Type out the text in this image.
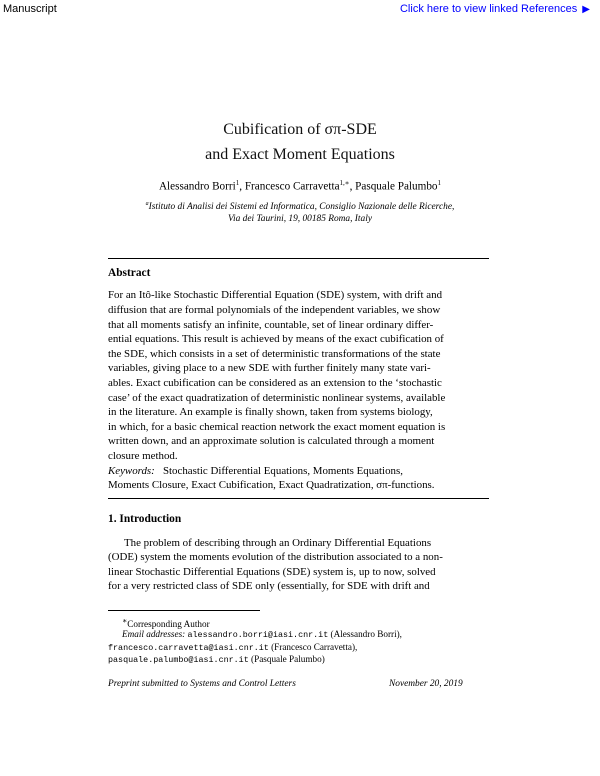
Manuscript	Click here to view linked References ▶
Cubification of σπ-SDE
and Exact Moment Equations
Alessandro Borri$^1$, Francesco Carravetta$^{1,∗}$, Pasquale Palumbo$^1$
$^a$Istituto di Analisi dei Sistemi ed Informatica, Consiglio Nazionale delle Ricerche,
Via dei Taurini, 19, 00185 Roma, Italy
Abstract
For an Itô-like Stochastic Differential Equation (SDE) system, with drift and
diffusion that are formal polynomials of the independent variables, we show
that all moments satisfy an infinite, countable, set of linear ordinary differ-
ential equations. This result is achieved by means of the exact cubification of
the SDE, which consists in a set of deterministic transformations of the state
variables, giving place to a new SDE with further finitely many state vari-
ables. Exact cubification can be considered as an extension to the ‘stochastic
case’ of the exact quadratization of deterministic nonlinear systems, available
in the literature. An example is finally shown, taken from systems biology,
in which, for a basic chemical reaction network the exact moment equation is
written down, and an approximate solution is calculated through a moment
closure method.
Keywords: Stochastic Differential Equations, Moments Equations,
Moments Closure, Exact Cubification, Exact Quadratization, σπ-functions.
1. Introduction
The problem of describing through an Ordinary Differential Equations
(ODE) system the moments evolution of the distribution associated to a non-
linear Stochastic Differential Equations (SDE) system is, up to now, solved
for a very restricted class of SDE only (essentially, for SDE with drift and
∗Corresponding Author
Email addresses: alessandro.borri@iasi.cnr.it (Alessandro Borri),
francesco.carravetta@iasi.cnr.it (Francesco Carravetta),
pasquale.palumbo@iasi.cnr.it (Pasquale Palumbo)
Preprint submitted to Systems and Control Letters	November 20, 2019
